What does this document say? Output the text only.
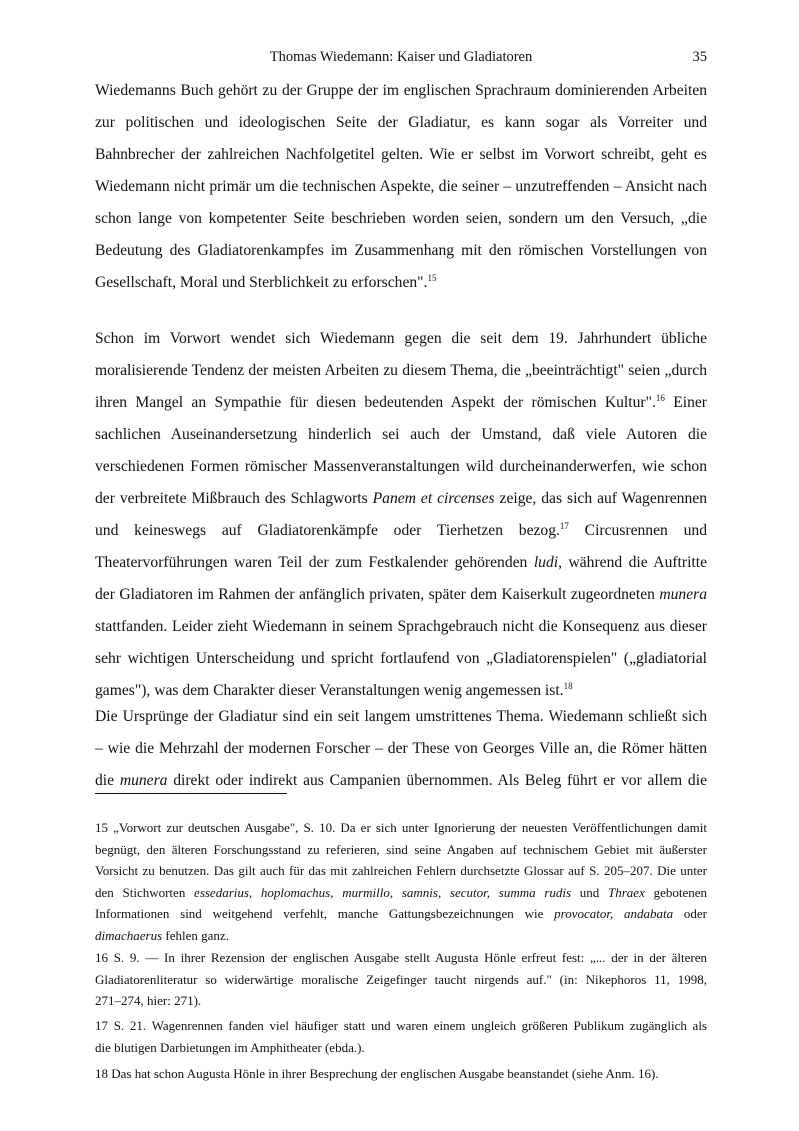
Thomas Wiedemann: Kaiser und Gladiatoren	35
Wiedemanns Buch gehört zu der Gruppe der im englischen Sprachraum dominierenden Arbeiten
zur politischen und ideologischen Seite der Gladiatur, es kann sogar als Vorreiter und
Bahnbrecher der zahlreichen Nachfolgetitel gelten. Wie er selbst im Vorwort schreibt, geht es
Wiedemann nicht primär um die technischen Aspekte, die seiner – unzutreffenden – Ansicht nach
schon lange von kompetenter Seite beschrieben worden seien, sondern um den Versuch, „die
Bedeutung des Gladiatorenkampfes im Zusammenhang mit den römischen Vorstellungen von
Gesellschaft, Moral und Sterblichkeit zu erforschen".$^{15}$
Schon im Vorwort wendet sich Wiedemann gegen die seit dem 19. Jahrhundert übliche
moralisierende Tendenz der meisten Arbeiten zu diesem Thema, die „beeinträchtigt" seien „durch
ihren Mangel an Sympathie für diesen bedeutenden Aspekt der römischen Kultur".$^{16}$ Einer
sachlichen Auseinandersetzung hinderlich sei auch der Umstand, daß viele Autoren die
verschiedenen Formen römischer Massenveranstaltungen wild durcheinanderwerfen, wie schon
der verbreitete Mißbrauch des Schlagworts Panem et circenses zeige, das sich auf Wagenrennen
und keineswegs auf Gladiatorenkämpfe oder Tierhetzen bezog.$^{17}$ Circusrennen und
Theatervorführungen waren Teil der zum Festkalender gehörenden ludi, während die Auftritte
der Gladiatoren im Rahmen der anfänglich privaten, später dem Kaiserkult zugeordneten munera
stattfanden. Leider zieht Wiedemann in seinem Sprachgebrauch nicht die Konsequenz aus dieser
sehr wichtigen Unterscheidung und spricht fortlaufend von „Gladiatorenspielen" („gladiatorial
games"), was dem Charakter dieser Veranstaltungen wenig angemessen ist.$^{18}$
Die Ursprünge der Gladiatur sind ein seit langem umstrittenes Thema. Wiedemann schließt sich
– wie die Mehrzahl der modernen Forscher – der These von Georges Ville an, die Römer hätten
die munera direkt oder indirekt aus Campanien übernommen. Als Beleg führt er vor allem die
15 „Vorwort zur deutschen Ausgabe", S. 10. Da er sich unter Ignorierung der neuesten Veröffentlichungen damit
begnügt, den älteren Forschungsstand zu referieren, sind seine Angaben auf technischem Gebiet mit äußerster
Vorsicht zu benutzen. Das gilt auch für das mit zahlreichen Fehlern durchsetzte Glossar auf S. 205–207. Die unter
den Stichworten essedarius, hoplomachus, murmillo, samnis, secutor, summa rudis und Thraex gebotenen
Informationen sind weitgehend verfehlt, manche Gattungsbezeichnungen wie provocator, andabata oder
dimachaerus fehlen ganz.
16 S. 9. — In ihrer Rezension der englischen Ausgabe stellt Augusta Hönle erfreut fest: „... der in der älteren
Gladiatorenliteratur so widerwärtige moralische Zeigefinger taucht nirgends auf." (in: Nikephoros 11, 1998,
271–274, hier: 271).
17 S. 21. Wagenrennen fanden viel häufiger statt und waren einem ungleich größeren Publikum zugänglich als
die blutigen Darbietungen im Amphitheater (ebda.).
18 Das hat schon Augusta Hönle in ihrer Besprechung der englischen Ausgabe beanstandet (siehe Anm. 16).
